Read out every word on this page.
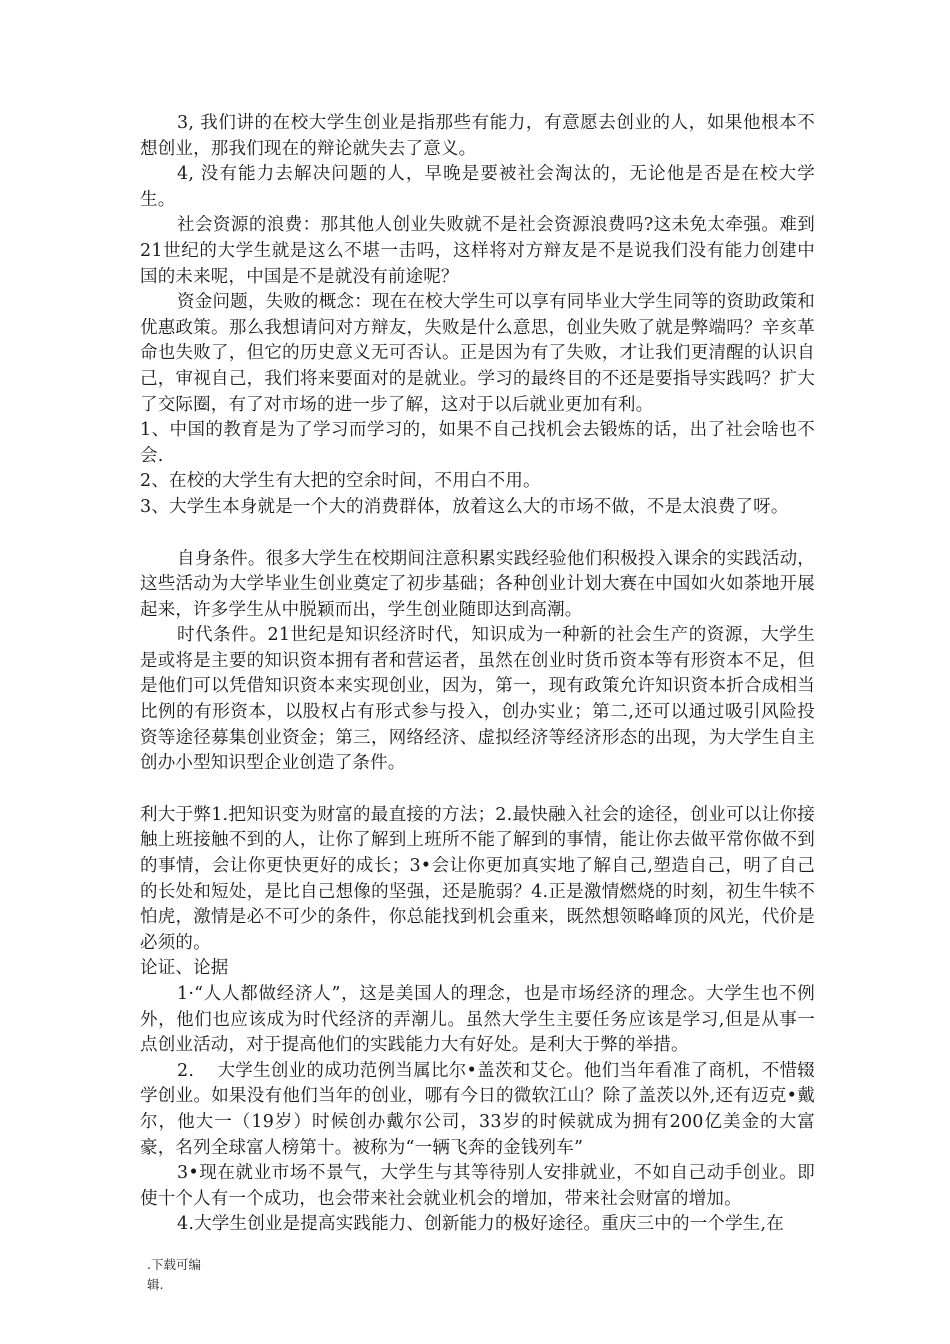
3, 我们讲的在校大学生创业是指那些有能力，有意愿去创业的人，如果他根本不想创业，那我们现在的辩论就失去了意义。

4, 没有能力去解决问题的人，早晚是要被社会淘汰的，无论他是否是在校大学生。

社会资源的浪费：那其他人创业失败就不是社会资源浪费吗?这未免太牵强。难到21世纪的大学生就是这么不堪一击吗，这样将对方辩友是不是说我们没有能力创建中国的未来呢，中国是不是就没有前途呢？

资金问题，失败的概念：现在在校大学生可以享有同毕业大学生同等的资助政策和优惠政策。那么我想请问对方辩友，失败是什么意思，创业失败了就是弊端吗？辛亥革命也失败了，但它的历史意义无可否认。正是因为有了失败，才让我们更清醒的认识自己，审视自己，我们将来要面对的是就业。学习的最终目的不还是要指导实践吗？扩大了交际圈，有了对市场的进一步了解，这对于以后就业更加有利。

1、中国的教育是为了学习而学习的，如果不自己找机会去锻炼的话，出了社会啥也不会.

2、在校的大学生有大把的空余时间，不用白不用。

3、大学生本身就是一个大的消费群体，放着这么大的市场不做，不是太浪费了呀。

自身条件。很多大学生在校期间注意积累实践经验他们积极投入课余的实践活动，这些活动为大学毕业生创业奠定了初步基础；各种创业计划大赛在中国如火如荼地开展起来，许多学生从中脱颖而出，学生创业随即达到高潮。

时代条件。21世纪是知识经济时代，知识成为一种新的社会生产的资源，大学生是或将是主要的知识资本拥有者和营运者，虽然在创业时货币资本等有形资本不足，但是他们可以凭借知识资本来实现创业，因为，第一，现有政策允许知识资本折合成相当比例的有形资本，以股权占有形式参与投入，创办实业；第二,还可以通过吸引风险投资等途径募集创业资金；第三，网络经济、虚拟经济等经济形态的出现，为大学生自主创办小型知识型企业创造了条件。

利大于弊1.把知识变为财富的最直接的方法；2.最快融入社会的途径，创业可以让你接触上班接触不到的人，让你了解到上班所不能了解到的事情，能让你去做平常你做不到的事情，会让你更快更好的成长；3•会让你更加真实地了解自己,塑造自己，明了自己的长处和短处，是比自己想像的坚强，还是脆弱？4.正是激情燃烧的时刻，初生牛犊不怕虎，激情是必不可少的条件，你总能找到机会重来，既然想领略峰顶的风光，代价是必须的。

论证、论据

1·“人人都做经济人”，这是美国人的理念，也是市场经济的理念。大学生也不例外，他们也应该成为时代经济的弄潮儿。虽然大学生主要任务应该是学习,但是从事一点创业活动，对于提高他们的实践能力大有好处。是利大于弊的举措。

2.    大学生创业的成功范例当属比尔•盖茨和艾仑。他们当年看准了商机，不惜辍学创业。如果没有他们当年的创业，哪有今日的微软江山？除了盖茨以外,还有迈克•戴尔，他大一（19岁）时候创办戴尔公司，33岁的时候就成为拥有200亿美金的大富豪，名列全球富人榜第十。被称为“一辆飞奔的金钱列车”

3•现在就业市场不景气，大学生与其等待别人安排就业，不如自己动手创业。即使十个人有一个成功，也会带来社会就业机会的增加，带来社会财富的增加。

4.大学生创业是提高实践能力、创新能力的极好途径。重庆三中的一个学生,在

.下载可编辑.
